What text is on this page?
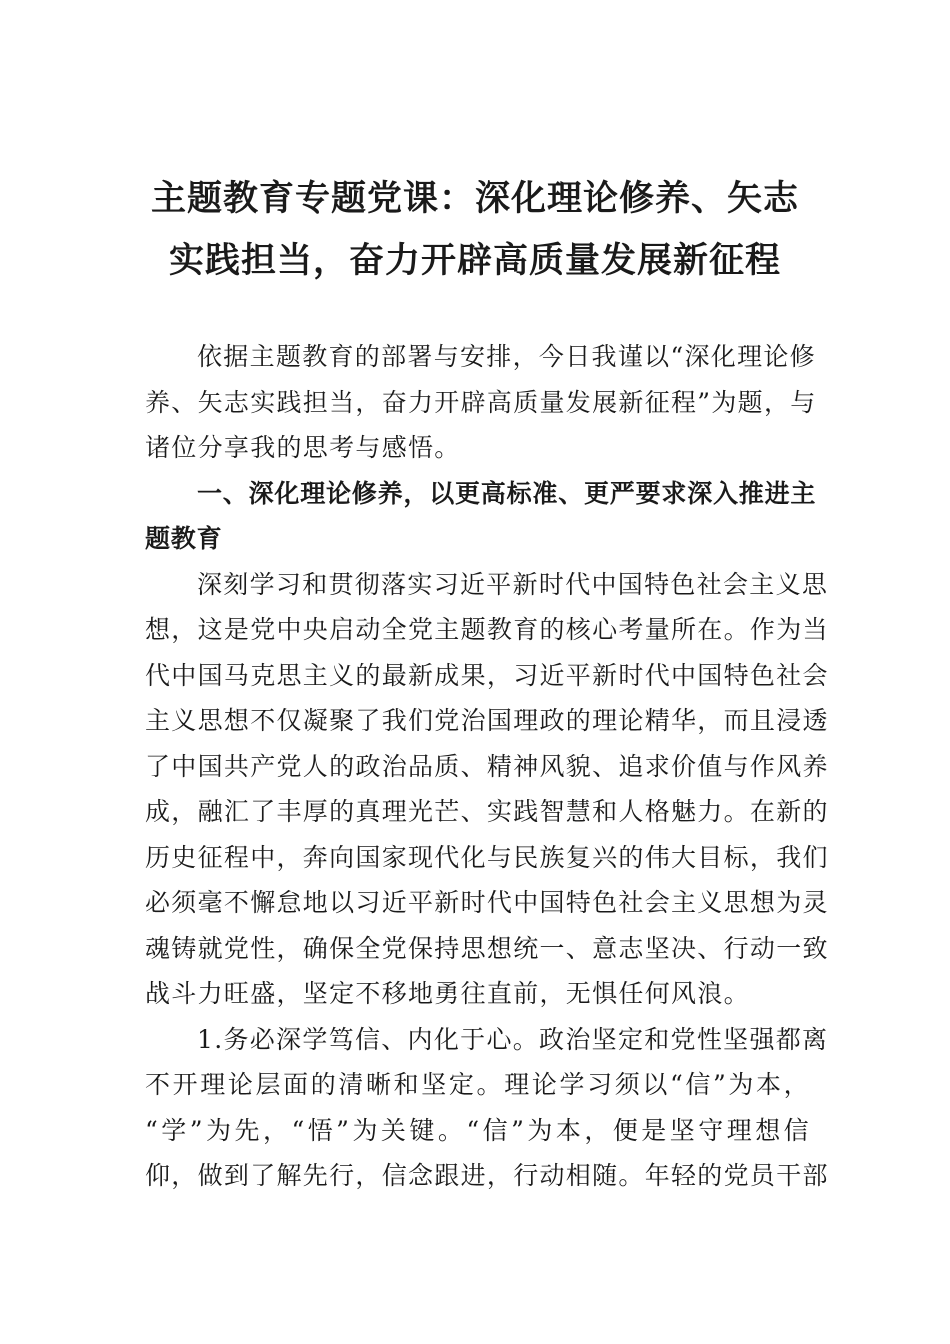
主题教育专题党课：深化理论修养、矢志
实践担当，奋力开辟高质量发展新征程
依据主题教育的部署与安排，今日我谨以“深化理论修
养、矢志实践担当，奋力开辟高质量发展新征程”为题，与
诸位分享我的思考与感悟。
一、深化理论修养，以更高标准、更严要求深入推进主
题教育
深刻学习和贯彻落实习近平新时代中国特色社会主义思
想，这是党中央启动全党主题教育的核心考量所在。作为当
代中国马克思主义的最新成果，习近平新时代中国特色社会
主义思想不仅凝聚了我们党治国理政的理论精华，而且浸透
了中国共产党人的政治品质、精神风貌、追求价值与作风养
成，融汇了丰厚的真理光芒、实践智慧和人格魅力。在新的
历史征程中，奔向国家现代化与民族复兴的伟大目标，我们
必须毫不懈怠地以习近平新时代中国特色社会主义思想为灵
魂铸就党性，确保全党保持思想统一、意志坚决、行动一致
战斗力旺盛，坚定不移地勇往直前，无惧任何风浪。
1.务必深学笃信、内化于心。政治坚定和党性坚强都离
不开理论层面的清晰和坚定。理论学习须以“信”为本，
“学”为先，“悟”为关键。“信”为本，便是坚守理想信
仰，做到了解先行，信念跟进，行动相随。年轻的党员干部
